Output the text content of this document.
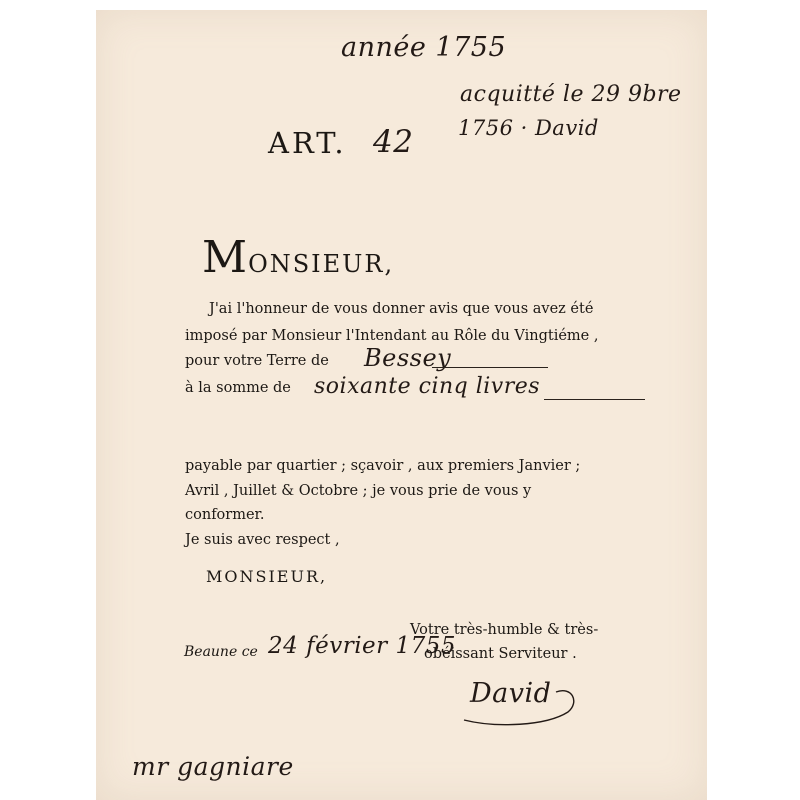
année 1755
acquitté le 29 9bre
1756 · David
ART. 42
MONSIEUR,
J'ai l'honneur de vous donner avis que vous avez été
imposé par Monsieur l'Intendant au Rôle du Vingtiéme ,
pour votre Terre de Bessey
à la somme de soixante cinq livres
payable par quartier ; sçavoir , aux premiers Janvier ;
Avril , Juillet & Octobre ; je vous prie de vous y
conformer.
Je suis avec respect ,
MONSIEUR,
Beaune ce 24 février 1755
Votre très-humble & très-
obéissant Serviteur .
David
mr gagniare
